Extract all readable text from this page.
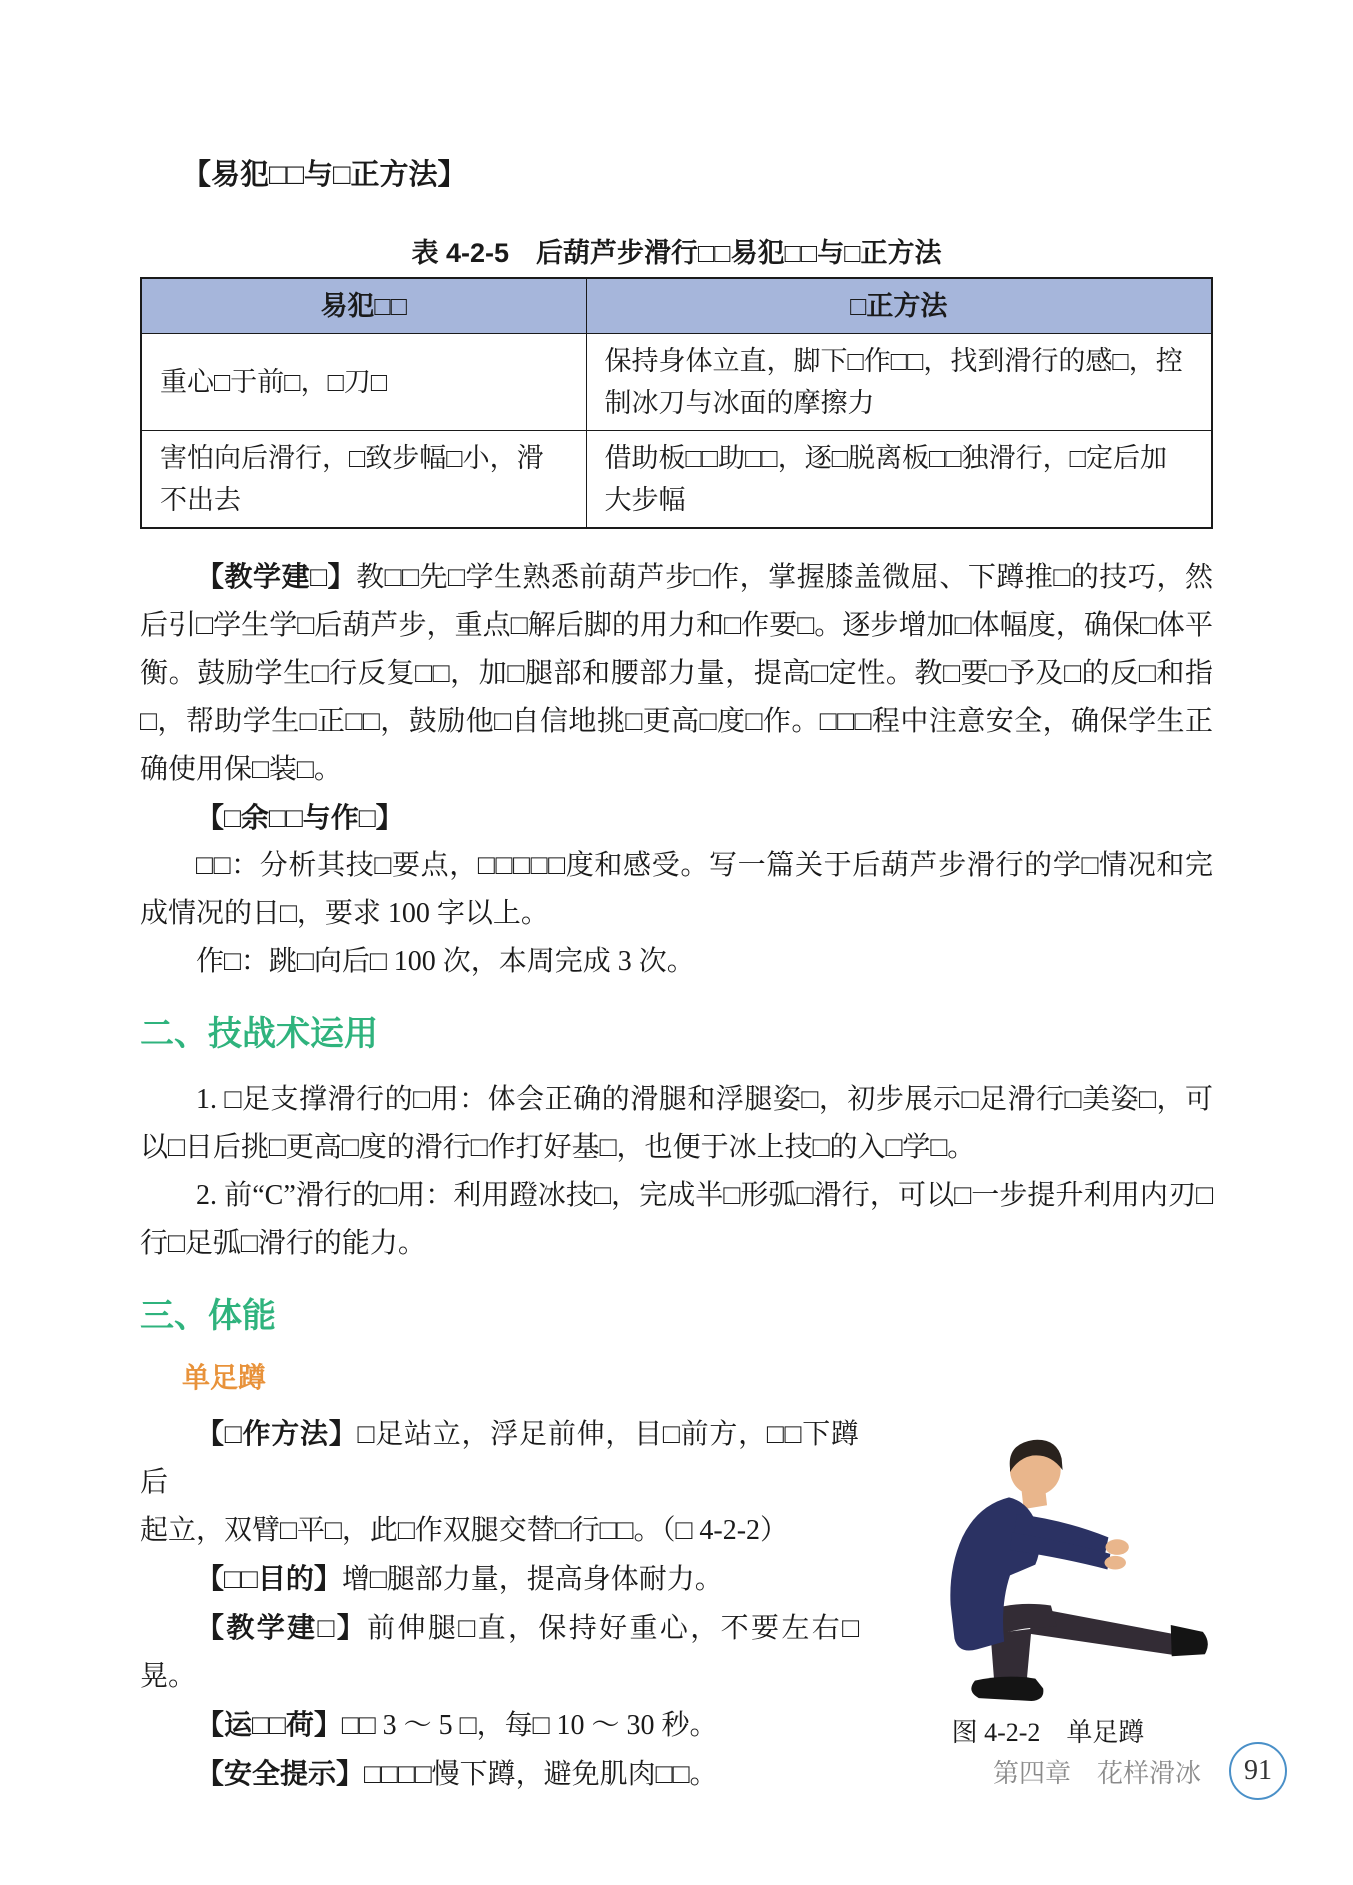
【易犯□□与□正方法】

表 4-2-5　后葫芦步滑行□□易犯□□与□正方法

易犯□□	□正方法
重心□于前□，□刀□	保持身体立直，脚下□作□□，找到滑行的感□，控制冰刀与冰面的摩擦力
害怕向后滑行，□致步幅□小，滑不出去	借助板□□助□□，逐□脱离板□□独滑行，□定后加大步幅

【教学建□】教□□先□学生熟悉前葫芦步□作，掌握膝盖微屈、下蹲推□的技巧，然后引□学生学□后葫芦步，重点□解后脚的用力和□作要□。逐步增加□体幅度，确保□体平衡。鼓励学生□行反复□□，加□腿部和腰部力量，提高□定性。教□要□予及□的反□和指□，帮助学生□正□□，鼓励他□自信地挑□更高□度□作。□□□程中注意安全，确保学生正确使用保□装□。

【□余□□与作□】

□□：分析其技□要点，□□□□□度和感受。写一篇关于后葫芦步滑行的学□情况和完成情况的日□，要求 100 字以上。

作□：跳□向后□ 100 次，本周完成 3 次。

二、技战术运用

1. □足支撑滑行的□用：体会正确的滑腿和浮腿姿□，初步展示□足滑行□美姿□，可以□日后挑□更高□度的滑行□作打好基□，也便于冰上技□的入□学□。

2. 前“C”滑行的□用：利用蹬冰技□，完成半□形弧□滑行，可以□一步提升利用内刃□行□足弧□滑行的能力。

三、体能

单足蹲

图 4-2-2　单足蹲

【□作方法】□足站立，浮足前伸，目□前方，□□下蹲后

起立，双臂□平□，此□作双腿交替□行□□。（□ 4-2-2）

【□□目的】增□腿部力量，提高身体耐力。

【教学建□】前伸腿□直，保持好重心，不要左右□晃。

【运□□荷】□□ 3 ～ 5 □，每□ 10 ～ 30 秒。

【安全提示】□□□□慢下蹲，避免肌肉□□。	第四章　花样滑冰	91
